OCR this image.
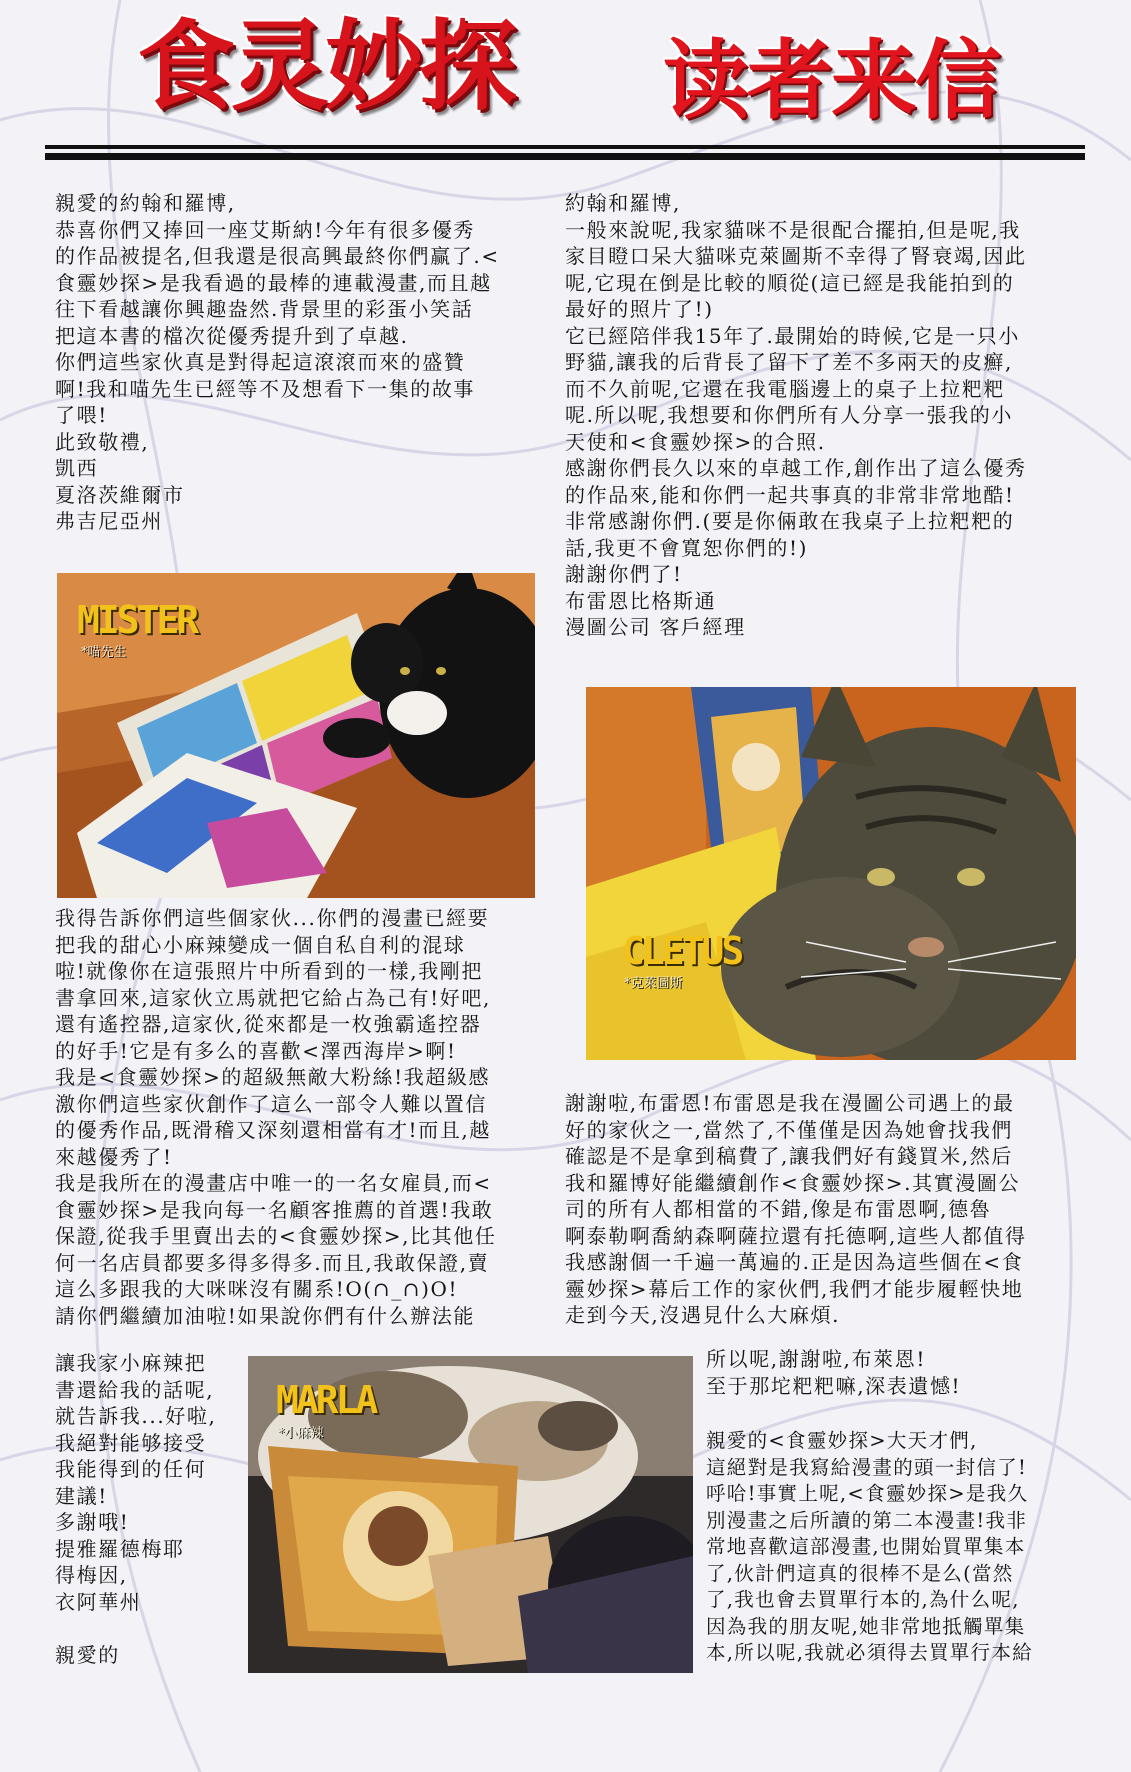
食灵妙探 读者来信

親愛的約翰和羅博,
恭喜你們又捧回一座艾斯納!今年有很多優秀
的作品被提名,但我還是很高興最終你們赢了.<
食靈妙探>是我看過的最棒的連載漫畫,而且越
往下看越讓你興趣盎然.背景里的彩蛋小笑話
把這本書的檔次從優秀提升到了卓越.
你們這些家伙真是對得起這滾滾而來的盛贊
啊!我和喵先生已經等不及想看下一集的故事
了喂!
此致敬禮,
凱西
夏洛茨維爾市
弗吉尼亞州

約翰和羅博,
一般來說呢,我家貓咪不是很配合擺拍,但是呢,我
家目瞪口呆大貓咪克萊圖斯不幸得了腎衰竭,因此
呢,它現在倒是比較的順從(這已經是我能拍到的
最好的照片了!)
它已經陪伴我15年了.最開始的時候,它是一只小
野貓,讓我的后背長了留下了差不多兩天的皮癬,
而不久前呢,它還在我電腦邊上的桌子上拉粑粑
呢.所以呢,我想要和你們所有人分享一張我的小
天使和<食靈妙探>的合照.
感謝你們長久以來的卓越工作,創作出了這么優秀
的作品來,能和你們一起共事真的非常非常地酷!
非常感謝你們.(要是你倆敢在我桌子上拉粑粑的
話,我更不會寬恕你們的!)
謝謝你們了!
布雷恩比格斯通
漫圖公司 客戶經理

MISTER
*喵先生
CLETUS
*克萊圖斯

我得告訴你們這些個家伙...你們的漫畫已經要
把我的甜心小麻辣變成一個自私自利的混球
啦!就像你在這張照片中所看到的一樣,我剛把
書拿回來,這家伙立馬就把它給占為己有!好吧,
還有遙控器,這家伙,從來都是一枚強霸遙控器
的好手!它是有多么的喜歡<澤西海岸>啊!
我是<食靈妙探>的超級無敵大粉絲!我超級感
激你們這些家伙創作了這么一部令人難以置信
的優秀作品,既滑稽又深刻還相當有才!而且,越
來越優秀了!
我是我所在的漫畫店中唯一的一名女雇員,而<
食靈妙探>是我向每一名顧客推薦的首選!我敢
保證,從我手里賣出去的<食靈妙探>,比其他任
何一名店員都要多得多得多.而且,我敢保證,賣
這么多跟我的大咪咪沒有關系!O(∩_∩)O!
請你們繼續加油啦!如果說你們有什么辦法能

謝謝啦,布雷恩!布雷恩是我在漫圖公司遇上的最
好的家伙之一,當然了,不僅僅是因為她會找我們
確認是不是拿到稿費了,讓我們好有錢買米,然后
我和羅博好能繼續創作<食靈妙探>.其實漫圖公
司的所有人都相當的不錯,像是布雷恩啊,德魯
啊泰勒啊喬納森啊薩拉還有托德啊,這些人都值得
我感謝個一千遍一萬遍的.正是因為這些個在<食
靈妙探>幕后工作的家伙們,我們才能步履輕快地
走到今天,沒遇見什么大麻煩.

讓我家小麻辣把
書還給我的話呢,
就告訴我...好啦,
我絕對能够接受
我能得到的任何
建議!
多謝哦!
提雅羅德梅耶
得梅因,
衣阿華州

親愛的

MARLA
*小麻辣

所以呢,謝謝啦,布萊恩!
至于那坨粑粑嘛,深表遺憾!

親愛的<食靈妙探>大天才們,
這絕對是我寫給漫畫的頭一封信了!
呼哈!事實上呢,<食靈妙探>是我久
別漫畫之后所讀的第二本漫畫!我非
常地喜歡這部漫畫,也開始買單集本
了,伙計們這真的很棒不是么(當然
了,我也會去買單行本的,為什么呢,
因為我的朋友呢,她非常地抵觸單集
本,所以呢,我就必須得去買單行本給
